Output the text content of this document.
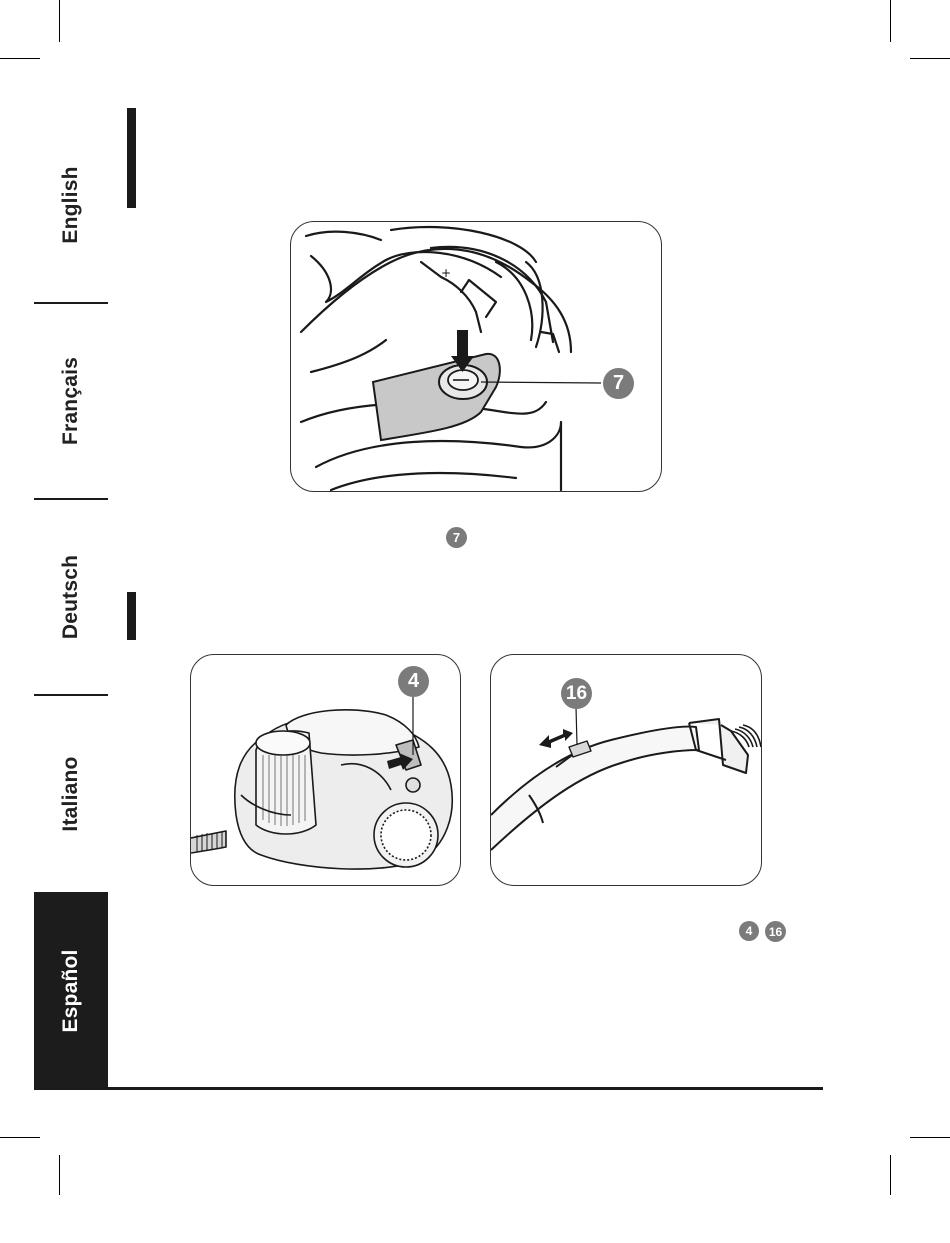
English
Français
Deutsch
Italiano
Español
+
7
7
4
16
4	16
